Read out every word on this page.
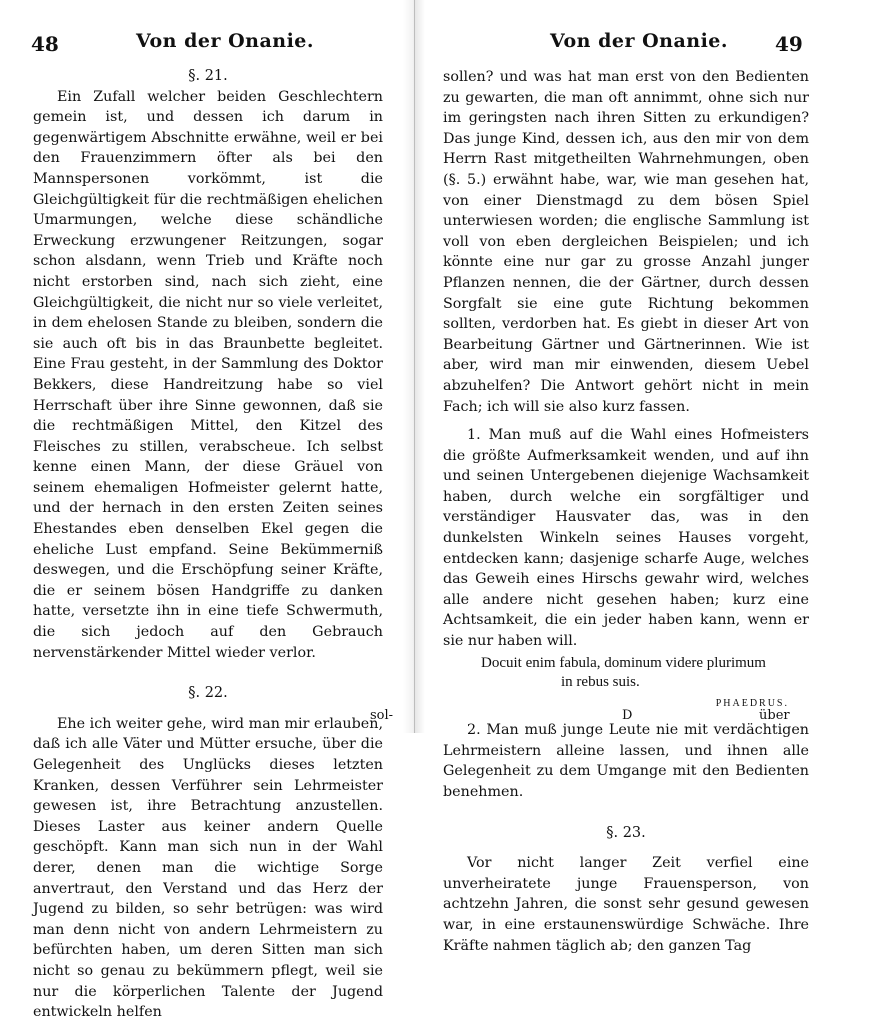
48	Von der Onanie.
§. 21.

Ein Zufall welcher beiden Geschlechtern gemein ist, und dessen ich darum in gegenwärtigem Abschnitte erwähne, weil er bei den Frauenzimmern öfter als bei den Mannspersonen vorkömmt, ist die Gleichgültigkeit für die rechtmäßigen ehelichen Umarmungen, welche diese schändliche Erweckung erzwungener Reitzungen, sogar schon alsdann, wenn Trieb und Kräfte noch nicht erstorben sind, nach sich zieht, eine Gleichgültigkeit, die nicht nur so viele verleitet, in dem ehelosen Stande zu bleiben, sondern die sie auch oft bis in das Braunbette begleitet. Eine Frau gesteht, in der Sammlung des Doktor Bekkers, diese Handreitzung habe so viel Herrschaft über ihre Sinne gewonnen, daß sie die rechtmäßigen Mittel, den Kitzel des Fleisches zu stillen, verabscheue. Ich selbst kenne einen Mann, der diese Gräuel von seinem ehemaligen Hofmeister gelernt hatte, und der hernach in den ersten Zeiten seines Ehestandes eben denselben Ekel gegen die eheliche Lust empfand. Seine Bekümmerniß deswegen, und die Erschöpfung seiner Kräfte, die er seinem bösen Handgriffe zu danken hatte, versetzte ihn in eine tiefe Schwermuth, die sich jedoch auf den Gebrauch nervenstärkender Mittel wieder verlor.

§. 22.

Ehe ich weiter gehe, wird man mir erlauben, daß ich alle Väter und Mütter ersuche, über die Gelegenheit des Unglücks dieses letzten Kranken, dessen Verführer sein Lehrmeister gewesen ist, ihre Betrachtung anzustellen. Dieses Laster aus keiner andern Quelle geschöpft. Kann man sich nun in der Wahl derer, denen man die wichtige Sorge anvertraut, den Verstand und das Herz der Jugend zu bilden, so sehr betrügen: was wird man denn nicht von andern Lehrmeistern zu befürchten haben, um deren Sitten man sich nicht so genau zu bekümmern pflegt, weil sie nur die körperlichen Talente der Jugend entwickeln helfen

sol-
Von der Onanie. 49

sollen? und was hat man erst von den Bedienten zu gewarten, die man oft annimmt, ohne sich nur im geringsten nach ihren Sitten zu erkundigen? Das junge Kind, dessen ich, aus den mir von dem Herrn Rast mitgetheilten Wahrnehmungen, oben (§. 5.) erwähnt habe, war, wie man gesehen hat, von einer Dienstmagd zu dem bösen Spiel unterwiesen worden; die englische Sammlung ist voll von eben dergleichen Beispielen; und ich könnte eine nur gar zu grosse Anzahl junger Pflanzen nennen, die der Gärtner, durch dessen Sorgfalt sie eine gute Richtung bekommen sollten, verdorben hat. Es giebt in dieser Art von Bearbeitung Gärtner und Gärtnerinnen. Wie ist aber, wird man mir einwenden, diesem Uebel abzuhelfen? Die Antwort gehört nicht in mein Fach; ich will sie also kurz fassen.

1. Man muß auf die Wahl eines Hofmeisters die größte Aufmerksamkeit wenden, und auf ihn und seinen Untergebenen diejenige Wachsamkeit haben, durch welche ein sorgfältiger und verständiger Hausvater das, was in den dunkelsten Winkeln seines Hauses vorgeht, entdecken kann; dasjenige scharfe Auge, welches das Geweih eines Hirschs gewahr wird, welches alle andere nicht gesehen haben; kurz eine Achtsamkeit, die ein jeder haben kann, wenn er sie nur haben will.

Docuit enim fabula, dominum videre plurimum
in rebus suis.
PHAEDRUS.

2. Man muß junge Leute nie mit verdächtigen Lehrmeistern alleine lassen, und ihnen alle Gelegenheit zu dem Umgange mit den Bedienten benehmen.

§. 23.

Vor nicht langer Zeit verfiel eine unverheiratete junge Frauensperson, von achtzehn Jahren, die sonst sehr gesund gewesen war, in eine erstaunenswürdige Schwäche. Ihre Kräfte nahmen täglich ab; den ganzen Tag

D	über
